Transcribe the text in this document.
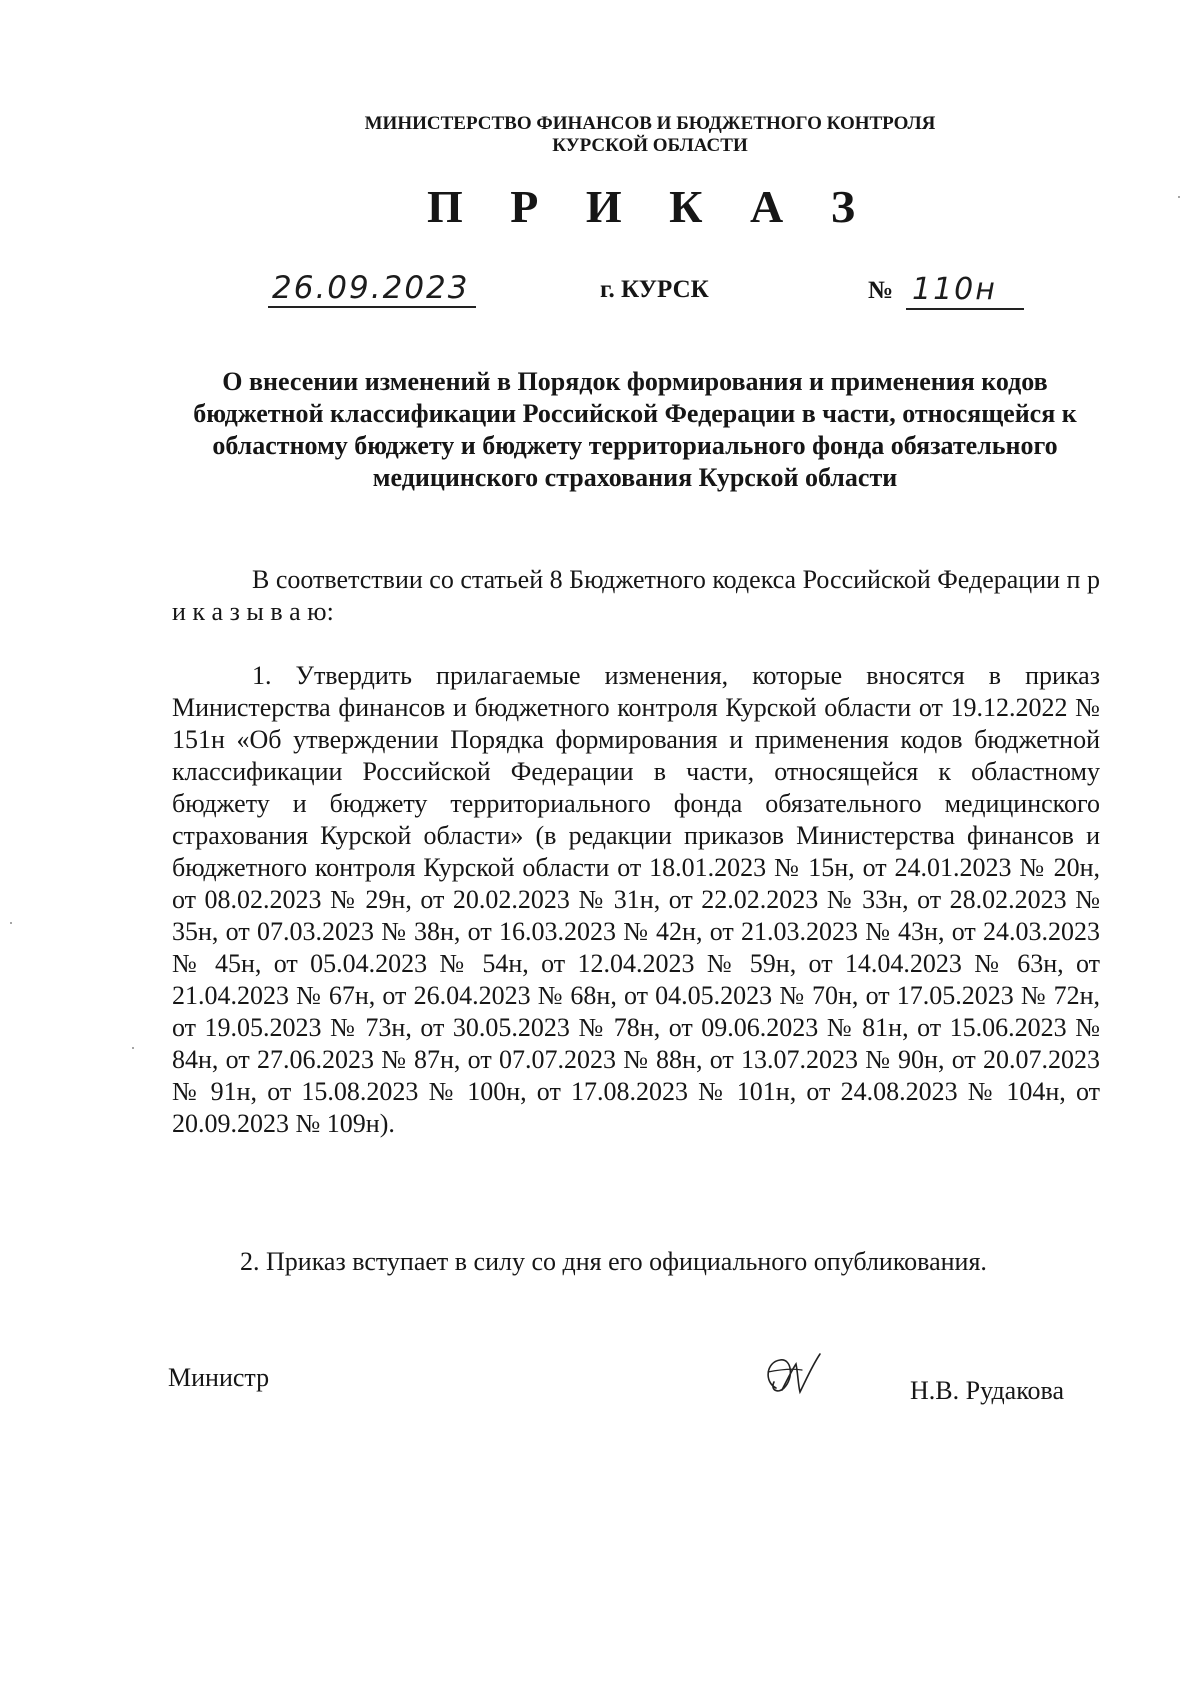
МИНИСТЕРСТВО ФИНАНСОВ И БЮДЖЕТНОГО КОНТРОЛЯ
КУРСКОЙ ОБЛАСТИ
П Р И К А З
26.09.2023	г. КУРСК	№ 110н
О внесении изменений в Порядок формирования и применения кодов бюджетной классификации Российской Федерации в части, относящейся к областному бюджету и бюджету территориального фонда обязательного медицинского страхования Курской области
В соответствии со статьей 8 Бюджетного кодекса Российской Федерации п р и к а з ы в а ю:
1. Утвердить прилагаемые изменения, которые вносятся в приказ Министерства финансов и бюджетного контроля Курской области от 19.12.2022 № 151н «Об утверждении Порядка формирования и применения кодов бюджетной классификации Российской Федерации в части, относящейся к областному бюджету и бюджету территориального фонда обязательного медицинского страхования Курской области» (в редакции приказов Министерства финансов и бюджетного контроля Курской области от 18.01.2023 № 15н, от 24.01.2023 № 20н, от 08.02.2023 № 29н, от 20.02.2023 № 31н, от 22.02.2023 № 33н, от 28.02.2023 № 35н, от 07.03.2023 № 38н, от 16.03.2023 № 42н, от 21.03.2023 № 43н, от 24.03.2023 № 45н, от 05.04.2023 № 54н, от 12.04.2023 № 59н, от 14.04.2023 № 63н, от 21.04.2023 № 67н, от 26.04.2023 № 68н, от 04.05.2023 № 70н, от 17.05.2023 № 72н, от 19.05.2023 № 73н, от 30.05.2023 № 78н, от 09.06.2023 № 81н, от 15.06.2023 № 84н, от 27.06.2023 № 87н, от 07.07.2023 № 88н, от 13.07.2023 № 90н, от 20.07.2023 № 91н, от 15.08.2023 № 100н, от 17.08.2023 № 101н, от 24.08.2023 № 104н, от 20.09.2023 № 109н).
2. Приказ вступает в силу со дня его официального опубликования.
Министр	Н.В. Рудакова
